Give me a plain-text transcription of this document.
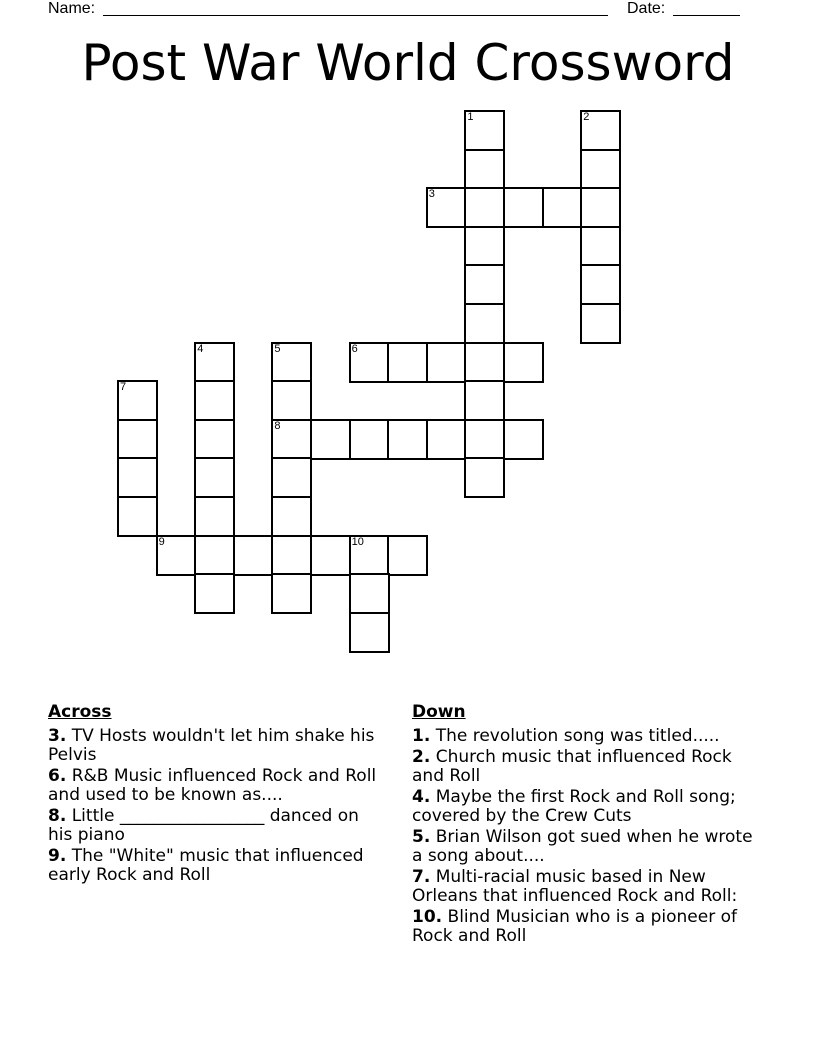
Name:	Date:
Post War World Crossword
1	2
3
4	5	6
7
8
9	10
Across
3. TV Hosts wouldn't let him shake his Pelvis
6. R&B Music influenced Rock and Roll and used to be known as....
8. Little _________________ danced on his piano
9. The "White" music that influenced early Rock and Roll
Down
1. The revolution song was titled.....
2. Church music that influenced Rock and Roll
4. Maybe the first Rock and Roll song; covered by the Crew Cuts
5. Brian Wilson got sued when he wrote a song about....
7. Multi-racial music based in New Orleans that influenced Rock and Roll:
10. Blind Musician who is a pioneer of Rock and Roll
